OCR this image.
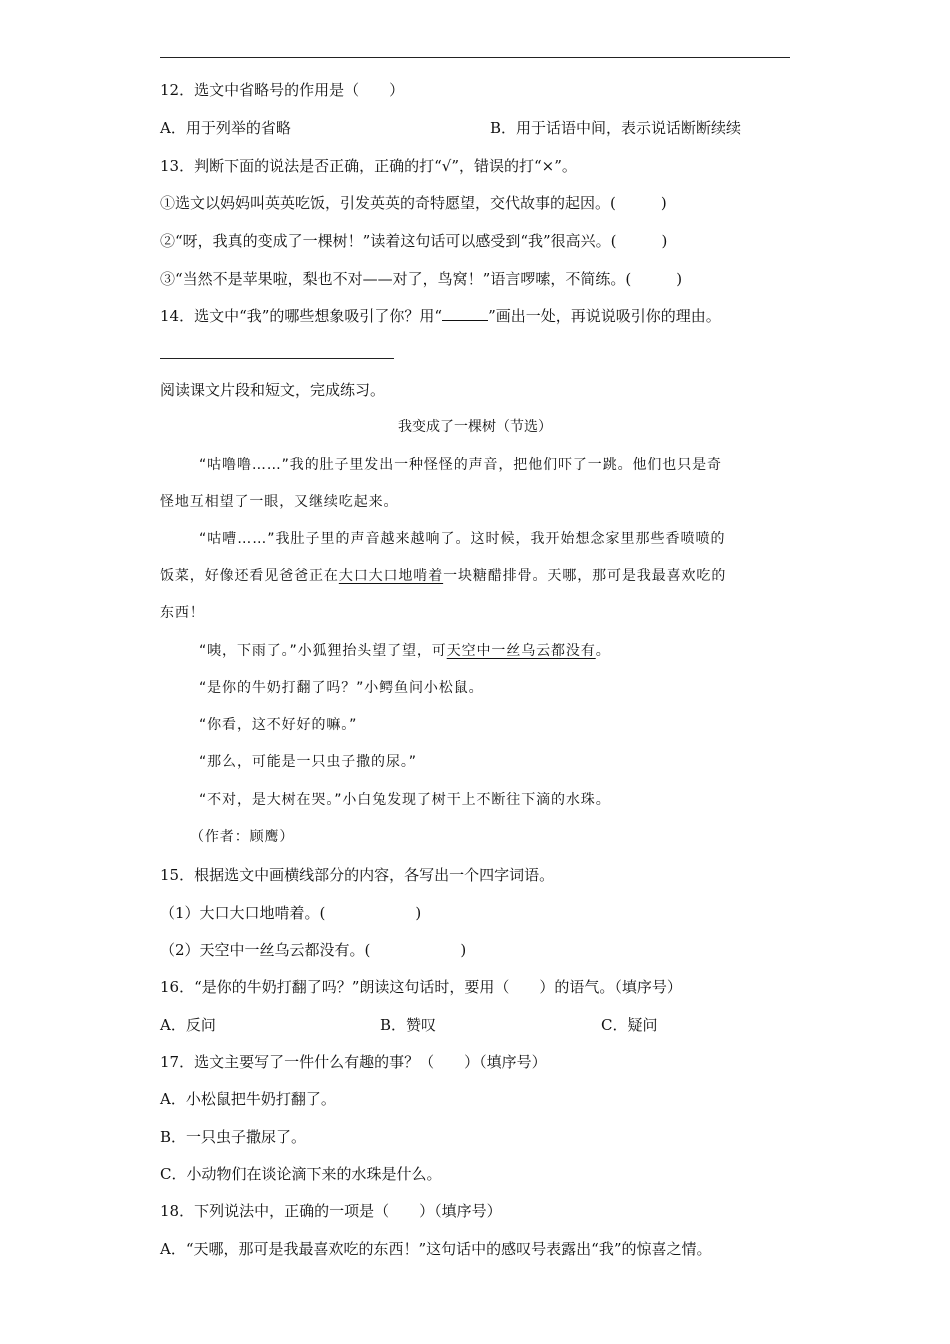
12．选文中省略号的作用是（　　）
A．用于列举的省略	B．用于话语中间，表示说话断断续续
13．判断下面的说法是否正确，正确的打“√”，错误的打“×”。
①选文以妈妈叫英英吃饭，引发英英的奇特愿望，交代故事的起因。(　　　)
②“呀，我真的变成了一棵树！”读着这句话可以感受到“我”很高兴。(　　　)
③“当然不是苹果啦，梨也不对——对了，鸟窝！”语言啰嗦，不简练。(　　　)
14．选文中“我”的哪些想象吸引了你？用“	”画出一处，再说说吸引你的理由。
阅读课文片段和短文，完成练习。
我变成了一棵树（节选）
“咕噜噜……”我的肚子里发出一种怪怪的声音，把他们吓了一跳。他们也只是奇
怪地互相望了一眼，又继续吃起来。
“咕嘈……”我肚子里的声音越来越响了。这时候，我开始想念家里那些香喷喷的
饭菜，好像还看见爸爸正在大口大口地啃着一块糖醋排骨。天哪，那可是我最喜欢吃的
东西！
“咦，下雨了。”小狐狸抬头望了望，可天空中一丝乌云都没有。
“是你的牛奶打翻了吗？”小鳄鱼问小松鼠。
“你看，这不好好的嘛。”
“那么，可能是一只虫子撒的尿。”
“不对，是大树在哭。”小白兔发现了树干上不断往下滴的水珠。
（作者：顾鹰）
15．根据选文中画横线部分的内容，各写出一个四字词语。
（1）大口大口地啃着。(　　　　　　)
（2）天空中一丝乌云都没有。(　　　　　　)
16．“是你的牛奶打翻了吗？”朗读这句话时，要用（　　）的语气。（填序号）
A．反问	B．赞叹	C．疑问
17．选文主要写了一件什么有趣的事？（　　）（填序号）
A．小松鼠把牛奶打翻了。
B．一只虫子撒尿了。
C．小动物们在谈论滴下来的水珠是什么。
18．下列说法中，正确的一项是（　　）（填序号）
A．“天哪，那可是我最喜欢吃的东西！”这句话中的感叹号表露出“我”的惊喜之情。
